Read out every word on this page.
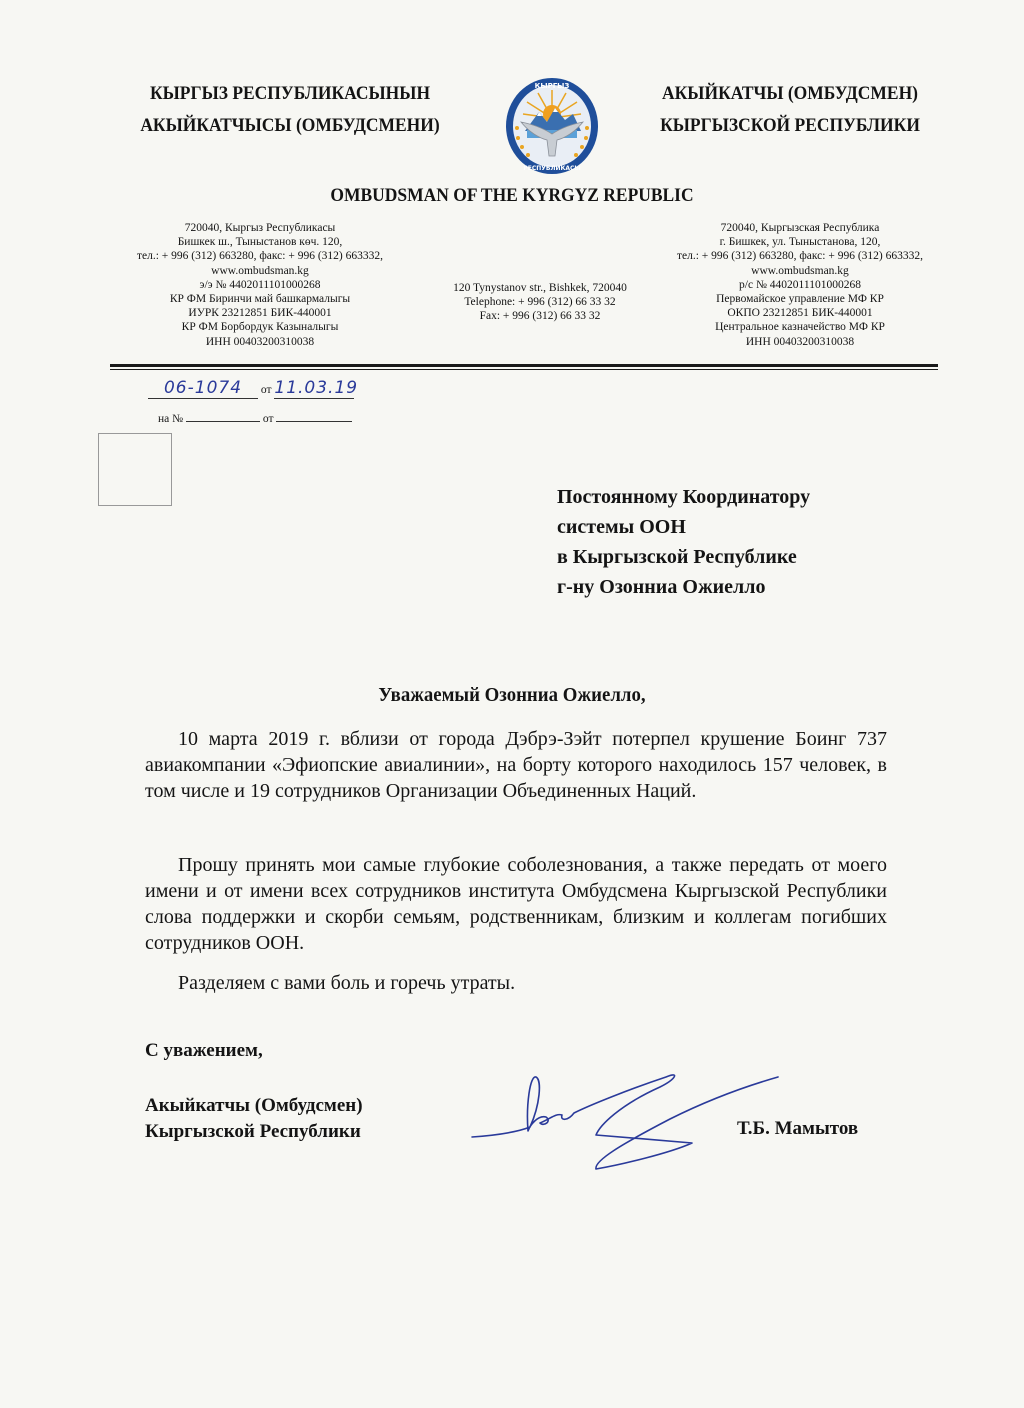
КЫРГЫЗ РЕСПУБЛИКАСЫНЫН
АКЫЙКАТЧЫСЫ (ОМБУДСМЕНИ)
КЫРГЫЗ
РЕСПУБЛИКАСЫ
АКЫЙКАТЧЫ (ОМБУДСМЕН)
КЫРГЫЗСКОЙ РЕСПУБЛИКИ
OMBUDSMAN OF THE KYRGYZ REPUBLIC
720040, Кыргыз Республикасы
Бишкек ш., Тыныстанов көч. 120,
тел.: + 996 (312) 663280, факс: + 996 (312) 663332,
www.ombudsman.kg
э/э № 4402011101000268
КР ФМ Биринчи май башкармалыгы
ИУРК 23212851 БИК-440001
КР ФМ Борбордук Казыналыгы
ИНН 00403200310038
120 Tynystanov str., Bishkek, 720040
Telephone: + 996 (312) 66 33 32
Fax: + 996 (312) 66 33 32
720040, Кыргызская Республика
г. Бишкек, ул. Тыныстанова, 120,
тел.: + 996 (312) 663280, факс: + 996 (312) 663332,
www.ombudsman.kg
р/с № 4402011101000268
Первомайское управление МФ КР
ОКПО 23212851 БИК-440001
Центральное казначейство МФ КР
ИНН 00403200310038
06-1074 от 11.03.19
на №	от
Постоянному Координатору
системы ООН
в Кыргызской Республике
г-ну Озонниа Ожиелло
Уважаемый Озонниа Ожиелло,
10 марта 2019 г. вблизи от города Дэбрэ-Зэйт потерпел крушение Боинг 737 авиакомпании «Эфиопские авиалинии», на борту которого находилось 157 человек, в том числе и 19 сотрудников Организации Объединенных Наций.
Прошу принять мои самые глубокие соболезнования, а также передать от моего имени и от имени всех сотрудников института Омбудсмена Кыргызской Республики слова поддержки и скорби семьям, родственникам, близким и коллегам погибших сотрудников ООН.
Разделяем с вами боль и горечь утраты.
С уважением,
Акыйкатчы (Омбудсмен)
Кыргызской Республики	Т.Б. Мамытов
